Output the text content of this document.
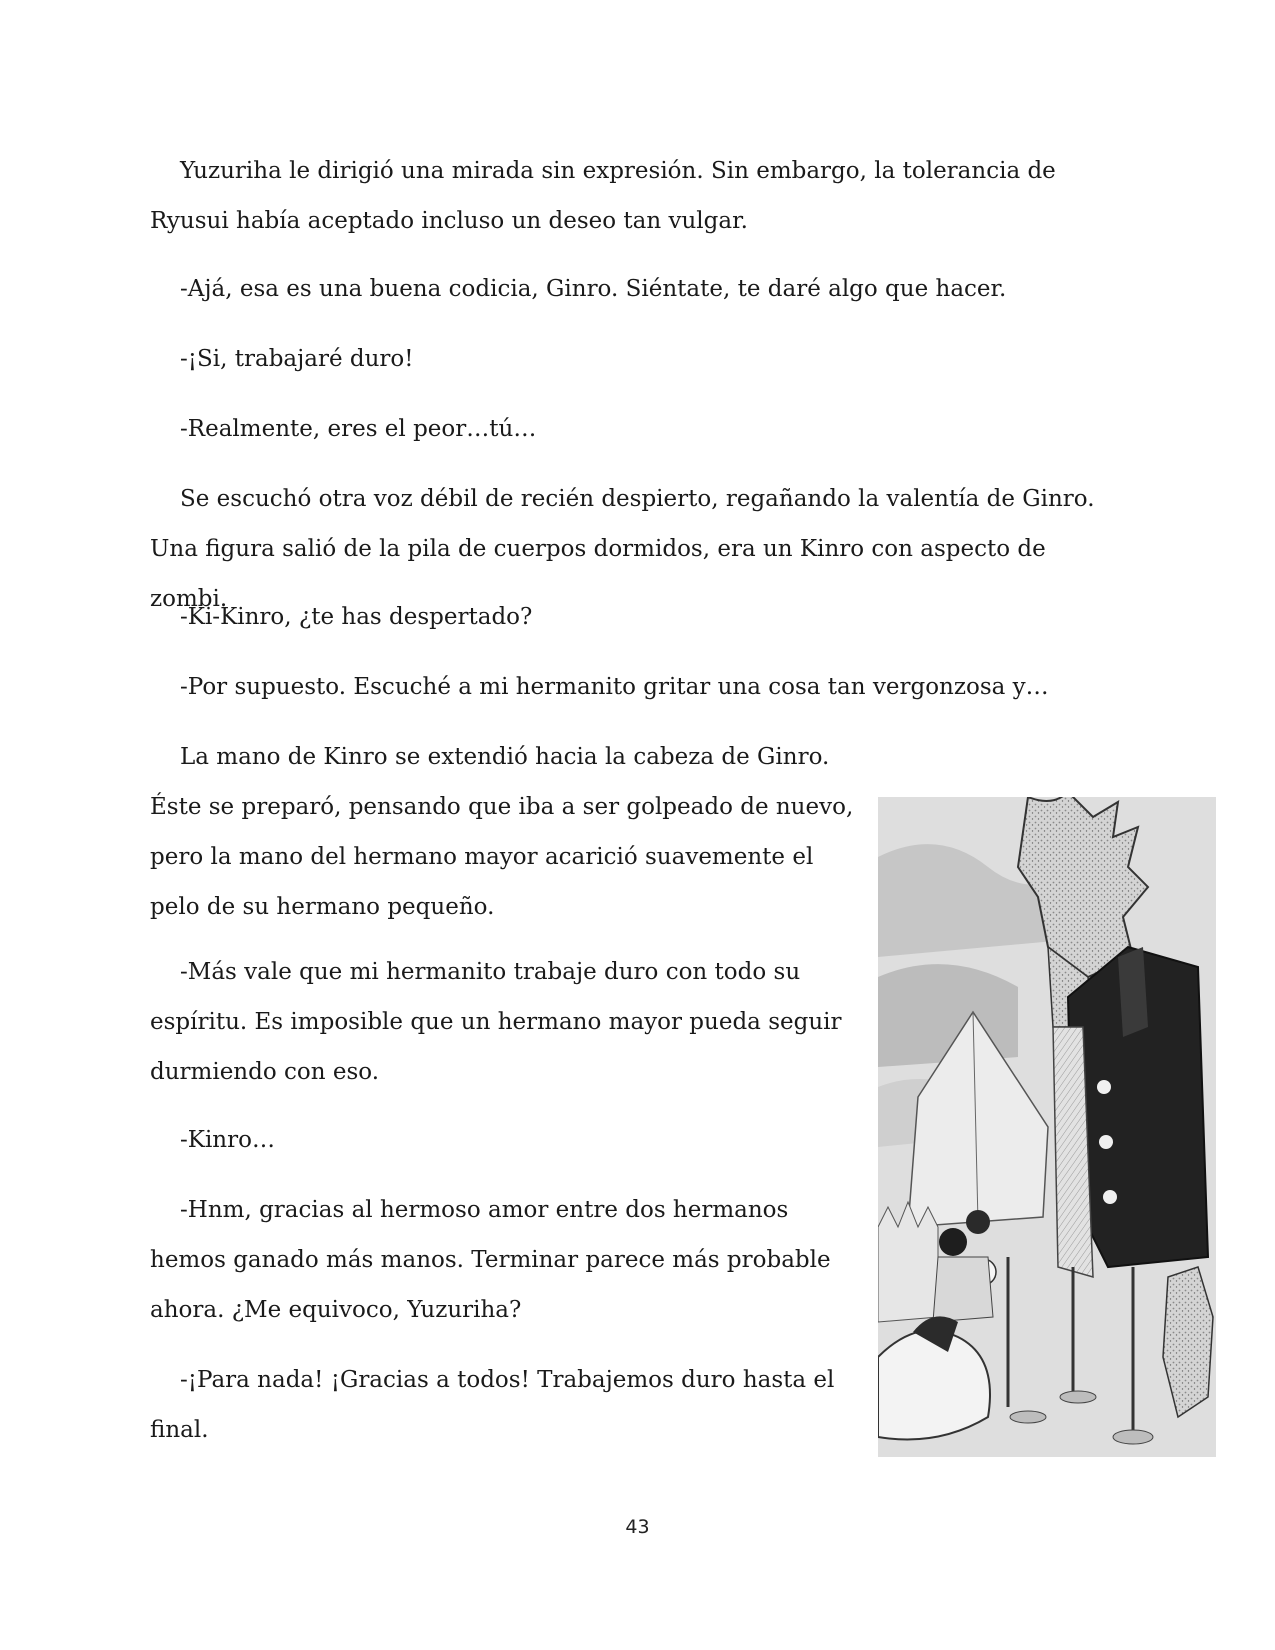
Yuzuriha le dirigió una mirada sin expresión. Sin embargo, la tolerancia de Ryusui había aceptado incluso un deseo tan vulgar.

-Ajá, esa es una buena codicia, Ginro. Siéntate, te daré algo que hacer.

-¡Si, trabajaré duro!

-Realmente, eres el peor…tú…

Se escuchó otra voz débil de recién despierto, regañando la valentía de Ginro. Una figura salió de la pila de cuerpos dormidos, era un Kinro con aspecto de zombi.

-Ki-Kinro, ¿te has despertado?

-Por supuesto. Escuché a mi hermanito gritar una cosa tan vergonzosa y…

La mano de Kinro se extendió hacia la cabeza de Ginro. Éste se preparó, pensando que iba a ser golpeado de nuevo, pero la mano del hermano mayor acarició suavemente el pelo de su hermano pequeño.

-Más vale que mi hermanito trabaje duro con todo su espíritu. Es imposible que un hermano mayor pueda seguir durmiendo con eso.

-Kinro…

-Hnm, gracias al hermoso amor entre dos hermanos hemos ganado más manos. Terminar parece más probable ahora. ¿Me equivoco, Yuzuriha?

-¡Para nada! ¡Gracias a todos! Trabajemos duro hasta el final.

43
